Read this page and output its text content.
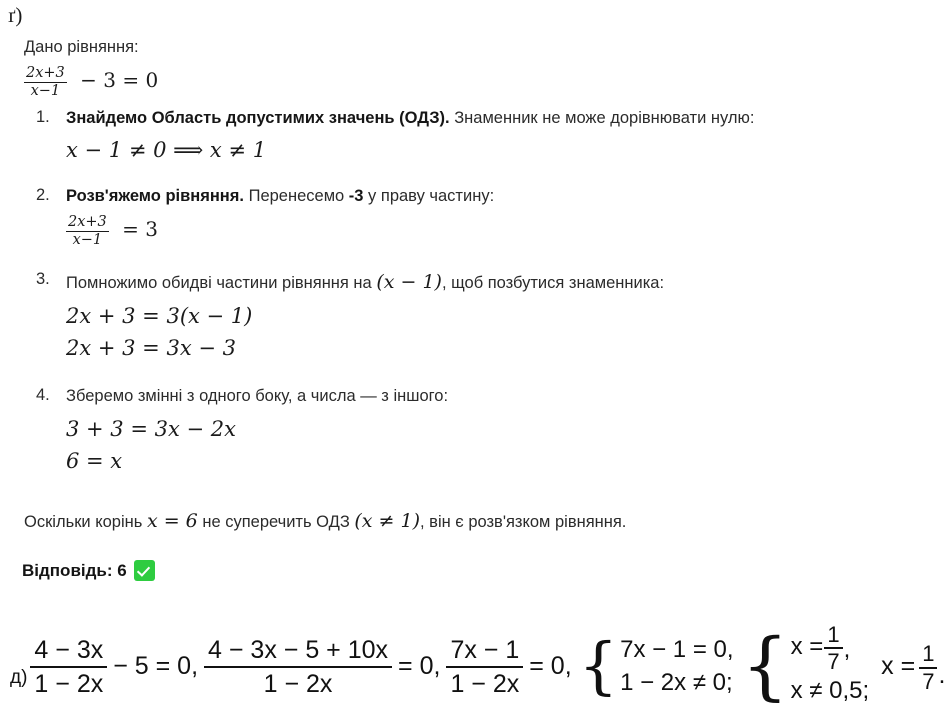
ґ)
Дано рівняння:
$\frac{2x+3}{x-1} - 3 = 0$
1. Знайдемо Область допустимих значень (ОДЗ). Знаменник не може дорівнювати нулю:
x − 1 ≠ 0 ⟹ x ≠ 1
2. Розв'яжемо рівняння. Перенесемо -3 у праву частину:
$\frac{2x+3}{x-1} = 3$
3. Помножимо обидві частини рівняння на (x − 1), щоб позбутися знаменника:
2x + 3 = 3(x − 1)
2x + 3 = 3x − 3
4. Зберемо змінні з одного боку, а числа — з іншого:
3 + 3 = 3x − 2x
6 = x
Оскільки корінь x = 6 не суперечить ОДЗ (x ≠ 1), він є розв'язком рівняння.
Відповідь: 6
$д) \frac{4 - 3x}{1 - 2x} - 5 = 0$, $\frac{4 - 3x - 5 + 10x}{1 - 2x} = 0$, $\frac{7x - 1}{1 - 2x} = 0$, { 7x − 1 = 0,
1 − 2x ≠ 0; { $x = \frac{1}{7}$ ,
x ≠ 0,5;
$x = \frac{1}{7}$ .
